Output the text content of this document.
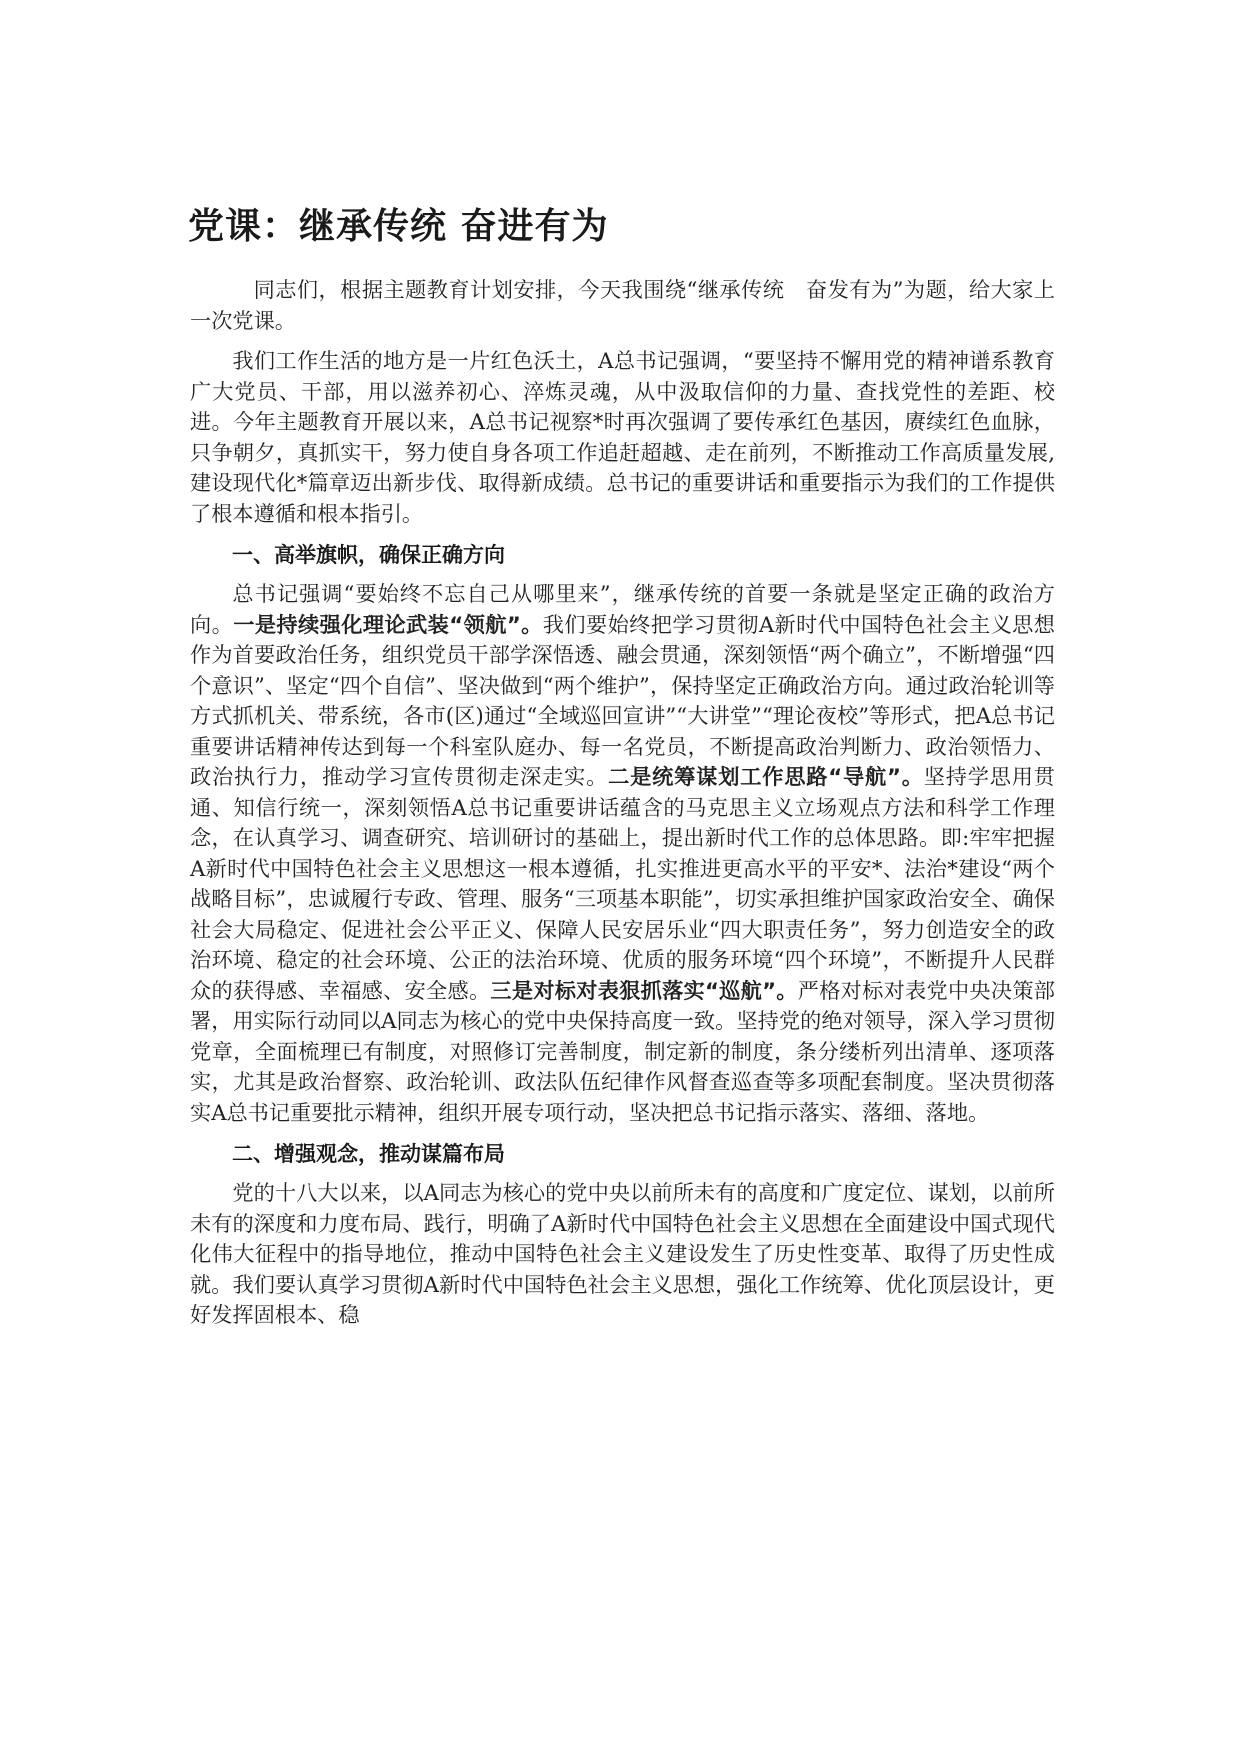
党课：继承传统 奋进有为

同志们，根据主题教育计划安排，今天我围绕“继承传统　奋发有为”为题，给大家上一次党课。

我们工作生活的地方是一片红色沃土，A总书记强调，“要坚持不懈用党的精神谱系教育广大党员、干部，用以滋养初心、淬炼灵魂，从中汲取信仰的力量、查找党性的差距、校进。今年主题教育开展以来，A总书记视察*时再次强调了要传承红色基因，赓续红色血脉，只争朝夕，真抓实干，努力使自身各项工作追赶超越、走在前列，不断推动工作高质量发展,建设现代化*篇章迈出新步伐、取得新成绩。总书记的重要讲话和重要指示为我们的工作提供了根本遵循和根本指引。

一、高举旗帜，确保正确方向

总书记强调“要始终不忘自己从哪里来”，继承传统的首要一条就是坚定正确的政治方向。一是持续强化理论武装“领航”。我们要始终把学习贯彻A新时代中国特色社会主义思想作为首要政治任务，组织党员干部学深悟透、融会贯通，深刻领悟“两个确立”，不断增强“四个意识”、坚定“四个自信”、坚决做到“两个维护”，保持坚定正确政治方向。通过政治轮训等方式抓机关、带系统，各市(区)通过“全域巡回宣讲”“大讲堂”“理论夜校”等形式，把A总书记重要讲话精神传达到每一个科室队庭办、每一名党员，不断提高政治判断力、政治领悟力、政治执行力，推动学习宣传贯彻走深走实。二是统筹谋划工作思路“导航”。坚持学思用贯通、知信行统一，深刻领悟A总书记重要讲话蕴含的马克思主义立场观点方法和科学工作理念，在认真学习、调查研究、培训研讨的基础上，提出新时代工作的总体思路。即:牢牢把握A新时代中国特色社会主义思想这一根本遵循，扎实推进更高水平的平安*、法治*建设“两个战略目标”，忠诚履行专政、管理、服务“三项基本职能”，切实承担维护国家政治安全、确保社会大局稳定、促进社会公平正义、保障人民安居乐业“四大职责任务”，努力创造安全的政治环境、稳定的社会环境、公正的法治环境、优质的服务环境“四个环境”，不断提升人民群众的获得感、幸福感、安全感。三是对标对表狠抓落实“巡航”。严格对标对表党中央决策部署，用实际行动同以A同志为核心的党中央保持高度一致。坚持党的绝对领导，深入学习贯彻党章，全面梳理已有制度，对照修订完善制度，制定新的制度，条分缕析列出清单、逐项落实，尤其是政治督察、政治轮训、政法队伍纪律作风督查巡查等多项配套制度。坚决贯彻落实A总书记重要批示精神，组织开展专项行动，坚决把总书记指示落实、落细、落地。

二、增强观念，推动谋篇布局

党的十八大以来，以A同志为核心的党中央以前所未有的高度和广度定位、谋划，以前所未有的深度和力度布局、践行，明确了A新时代中国特色社会主义思想在全面建设中国式现代化伟大征程中的指导地位，推动中国特色社会主义建设发生了历史性变革、取得了历史性成就。我们要认真学习贯彻A新时代中国特色社会主义思想，强化工作统筹、优化顶层设计，更好发挥固根本、稳
